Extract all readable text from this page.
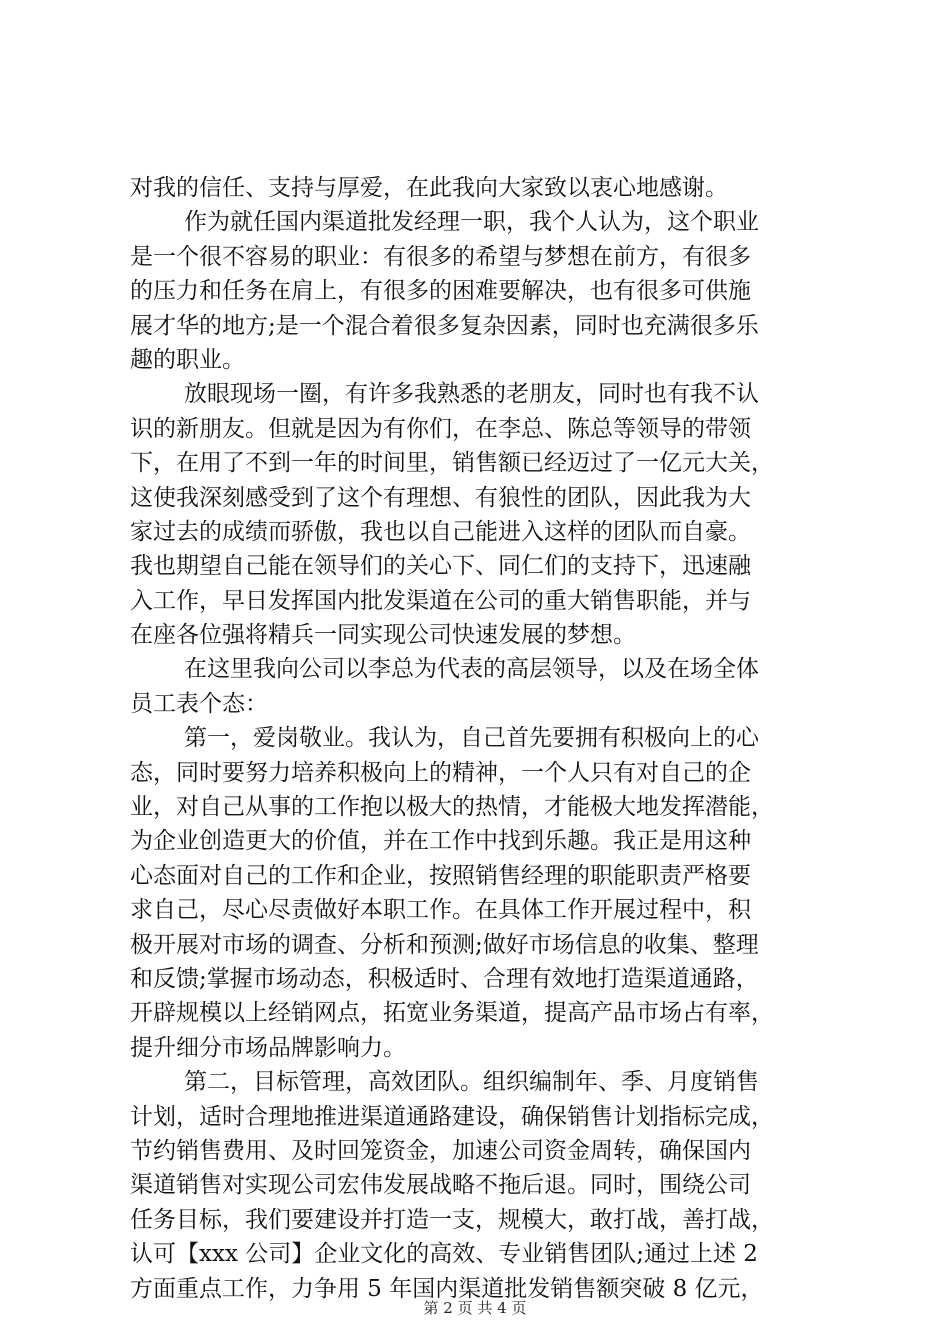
对我的信任、支持与厚爱，在此我向大家致以衷心地感谢。
作为就任国内渠道批发经理一职，我个人认为，这个职业
是一个很不容易的职业：有很多的希望与梦想在前方，有很多
的压力和任务在肩上，有很多的困难要解决，也有很多可供施
展才华的地方;是一个混合着很多复杂因素，同时也充满很多乐
趣的职业。
放眼现场一圈，有许多我熟悉的老朋友，同时也有我不认
识的新朋友。但就是因为有你们，在李总、陈总等领导的带领
下，在用了不到一年的时间里，销售额已经迈过了一亿元大关，
这使我深刻感受到了这个有理想、有狼性的团队，因此我为大
家过去的成绩而骄傲，我也以自己能进入这样的团队而自豪。
我也期望自己能在领导们的关心下、同仁们的支持下，迅速融
入工作，早日发挥国内批发渠道在公司的重大销售职能，并与
在座各位强将精兵一同实现公司快速发展的梦想。
在这里我向公司以李总为代表的高层领导，以及在场全体
员工表个态：
第一，爱岗敬业。我认为，自己首先要拥有积极向上的心
态，同时要努力培养积极向上的精神，一个人只有对自己的企
业，对自己从事的工作抱以极大的热情，才能极大地发挥潜能，
为企业创造更大的价值，并在工作中找到乐趣。我正是用这种
心态面对自己的工作和企业，按照销售经理的职能职责严格要
求自己，尽心尽责做好本职工作。在具体工作开展过程中，积
极开展对市场的调查、分析和预测;做好市场信息的收集、整理
和反馈;掌握市场动态，积极适时、合理有效地打造渠道通路，
开辟规模以上经销网点，拓宽业务渠道，提高产品市场占有率，
提升细分市场品牌影响力。
第二，目标管理，高效团队。组织编制年、季、月度销售
计划，适时合理地推进渠道通路建设，确保销售计划指标完成，
节约销售费用、及时回笼资金，加速公司资金周转，确保国内
渠道销售对实现公司宏伟发展战略不拖后退。同时，围绕公司
任务目标，我们要建设并打造一支，规模大，敢打战，善打战，
认可【xxx 公司】企业文化的高效、专业销售团队;通过上述 2
方面重点工作，力争用 5 年国内渠道批发销售额突破 8 亿元，
第 2 页 共 4 页
